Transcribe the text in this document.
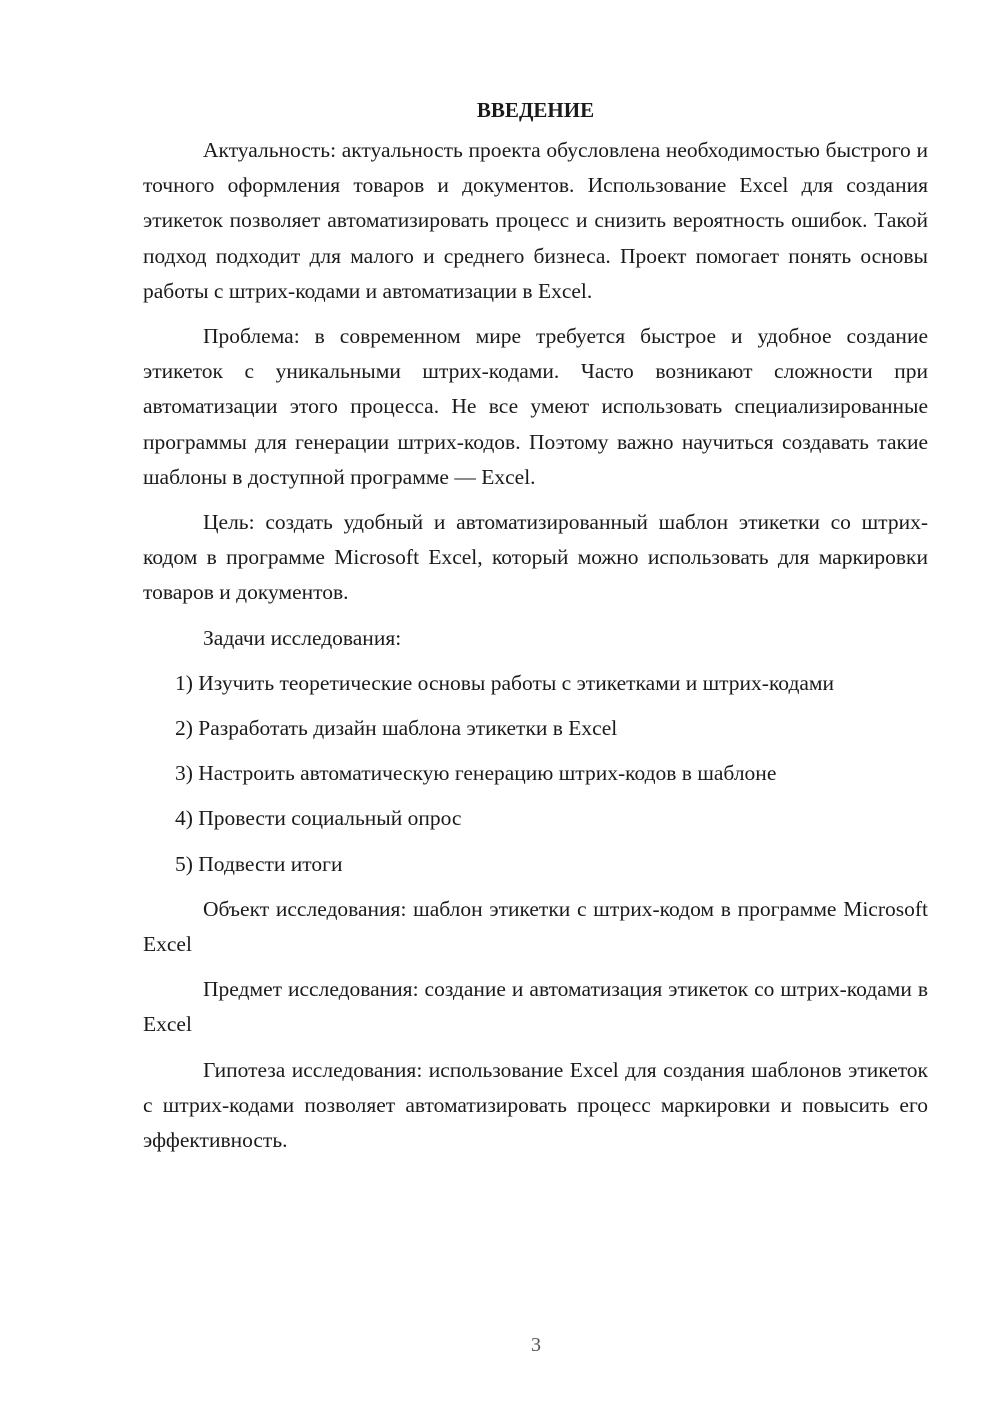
ВВЕДЕНИЕ

Актуальность: актуальность проекта обусловлена необходимостью быстрого и точного оформления товаров и документов. Использование Excel для создания этикеток позволяет автоматизировать процесс и снизить вероятность ошибок. Такой подход подходит для малого и среднего бизнеса. Проект помогает понять основы работы с штрих-кодами и автоматизации в Excel.

Проблема: в современном мире требуется быстрое и удобное создание этикеток с уникальными штрих-кодами. Часто возникают сложности при автоматизации этого процесса. Не все умеют использовать специализированные программы для генерации штрих-кодов. Поэтому важно научиться создавать такие шаблоны в доступной программе — Excel.

Цель: создать удобный и автоматизированный шаблон этикетки со штрих-кодом в программе Microsoft Excel, который можно использовать для маркировки товаров и документов.

Задачи исследования:

1) Изучить теоретические основы работы с этикетками и штрих-кодами

2) Разработать дизайн шаблона этикетки в Excel

3) Настроить автоматическую генерацию штрих-кодов в шаблоне

4) Провести социальный опрос

5) Подвести итоги

Объект исследования: шаблон этикетки с штрих-кодом в программе Microsoft Excel

Предмет исследования: создание и автоматизация этикеток со штрих-кодами в Excel

Гипотеза исследования: использование Excel для создания шаблонов этикеток с штрих-кодами позволяет автоматизировать процесс маркировки и повысить его эффективность.

3
